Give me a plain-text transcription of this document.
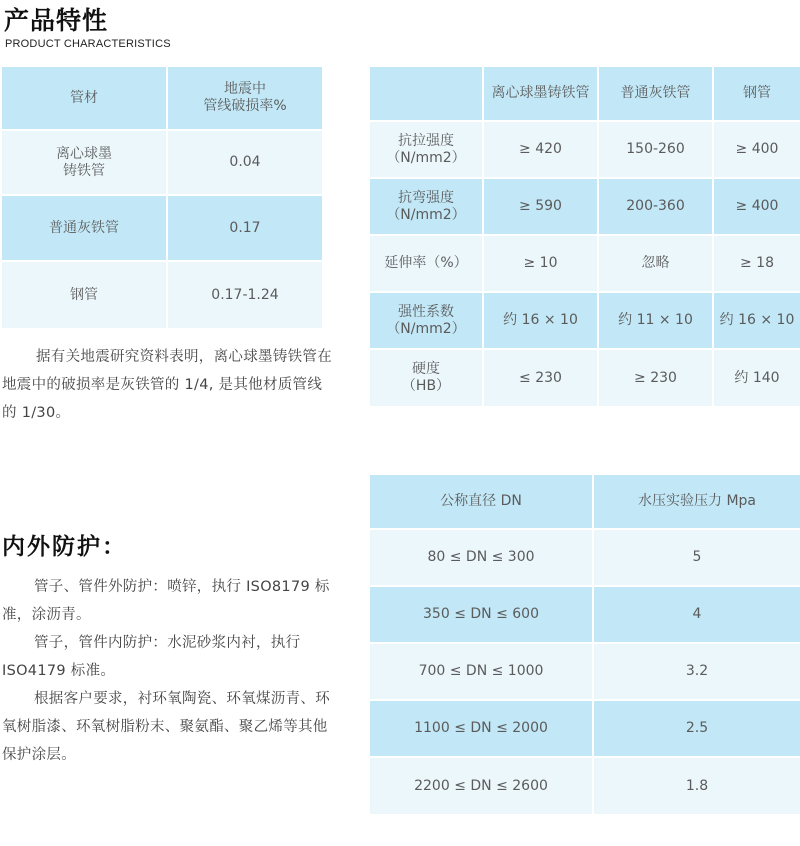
产品特性
PRODUCT CHARACTERISTICS
管材	地震中
管线破损率%
离心球墨
铸铁管	0.04
普通灰铁管	0.17
钢管	0.17-1.24
据有关地震研究资料表明，离心球墨铸铁管在地震中的破损率是灰铁管的 1/4, 是其他材质管线的 1/30。
	离心球墨铸铁管	普通灰铁管	钢管
抗拉强度
（N/mm2）	≥ 420	150-260	≥ 400
抗弯强度
（N/mm2）	≥ 590	200-360	≥ 400
延伸率（%）	≥ 10	忽略	≥ 18
强性系数
（N/mm2）	约 16 × 10	约 11 × 10	约 16 × 10
硬度
（HB）	≤ 230	≥ 230	约 140
内外防护：

管子、管件外防护：喷锌，执行 ISO8179 标准，涂沥青。

管子，管件内防护：水泥砂浆内衬，执行 ISO4179 标准。

根据客户要求，衬环氧陶瓷、环氧煤沥青、环氧树脂漆、环氧树脂粉末、聚氨酯、聚乙烯等其他保护涂层。

公称直径 DN	水压实验压力 Mpa
80 ≤ DN ≤ 300	5
350 ≤ DN ≤ 600	4
700 ≤ DN ≤ 1000	3.2
1100 ≤ DN ≤ 2000	2.5
2200 ≤ DN ≤ 2600	1.8
